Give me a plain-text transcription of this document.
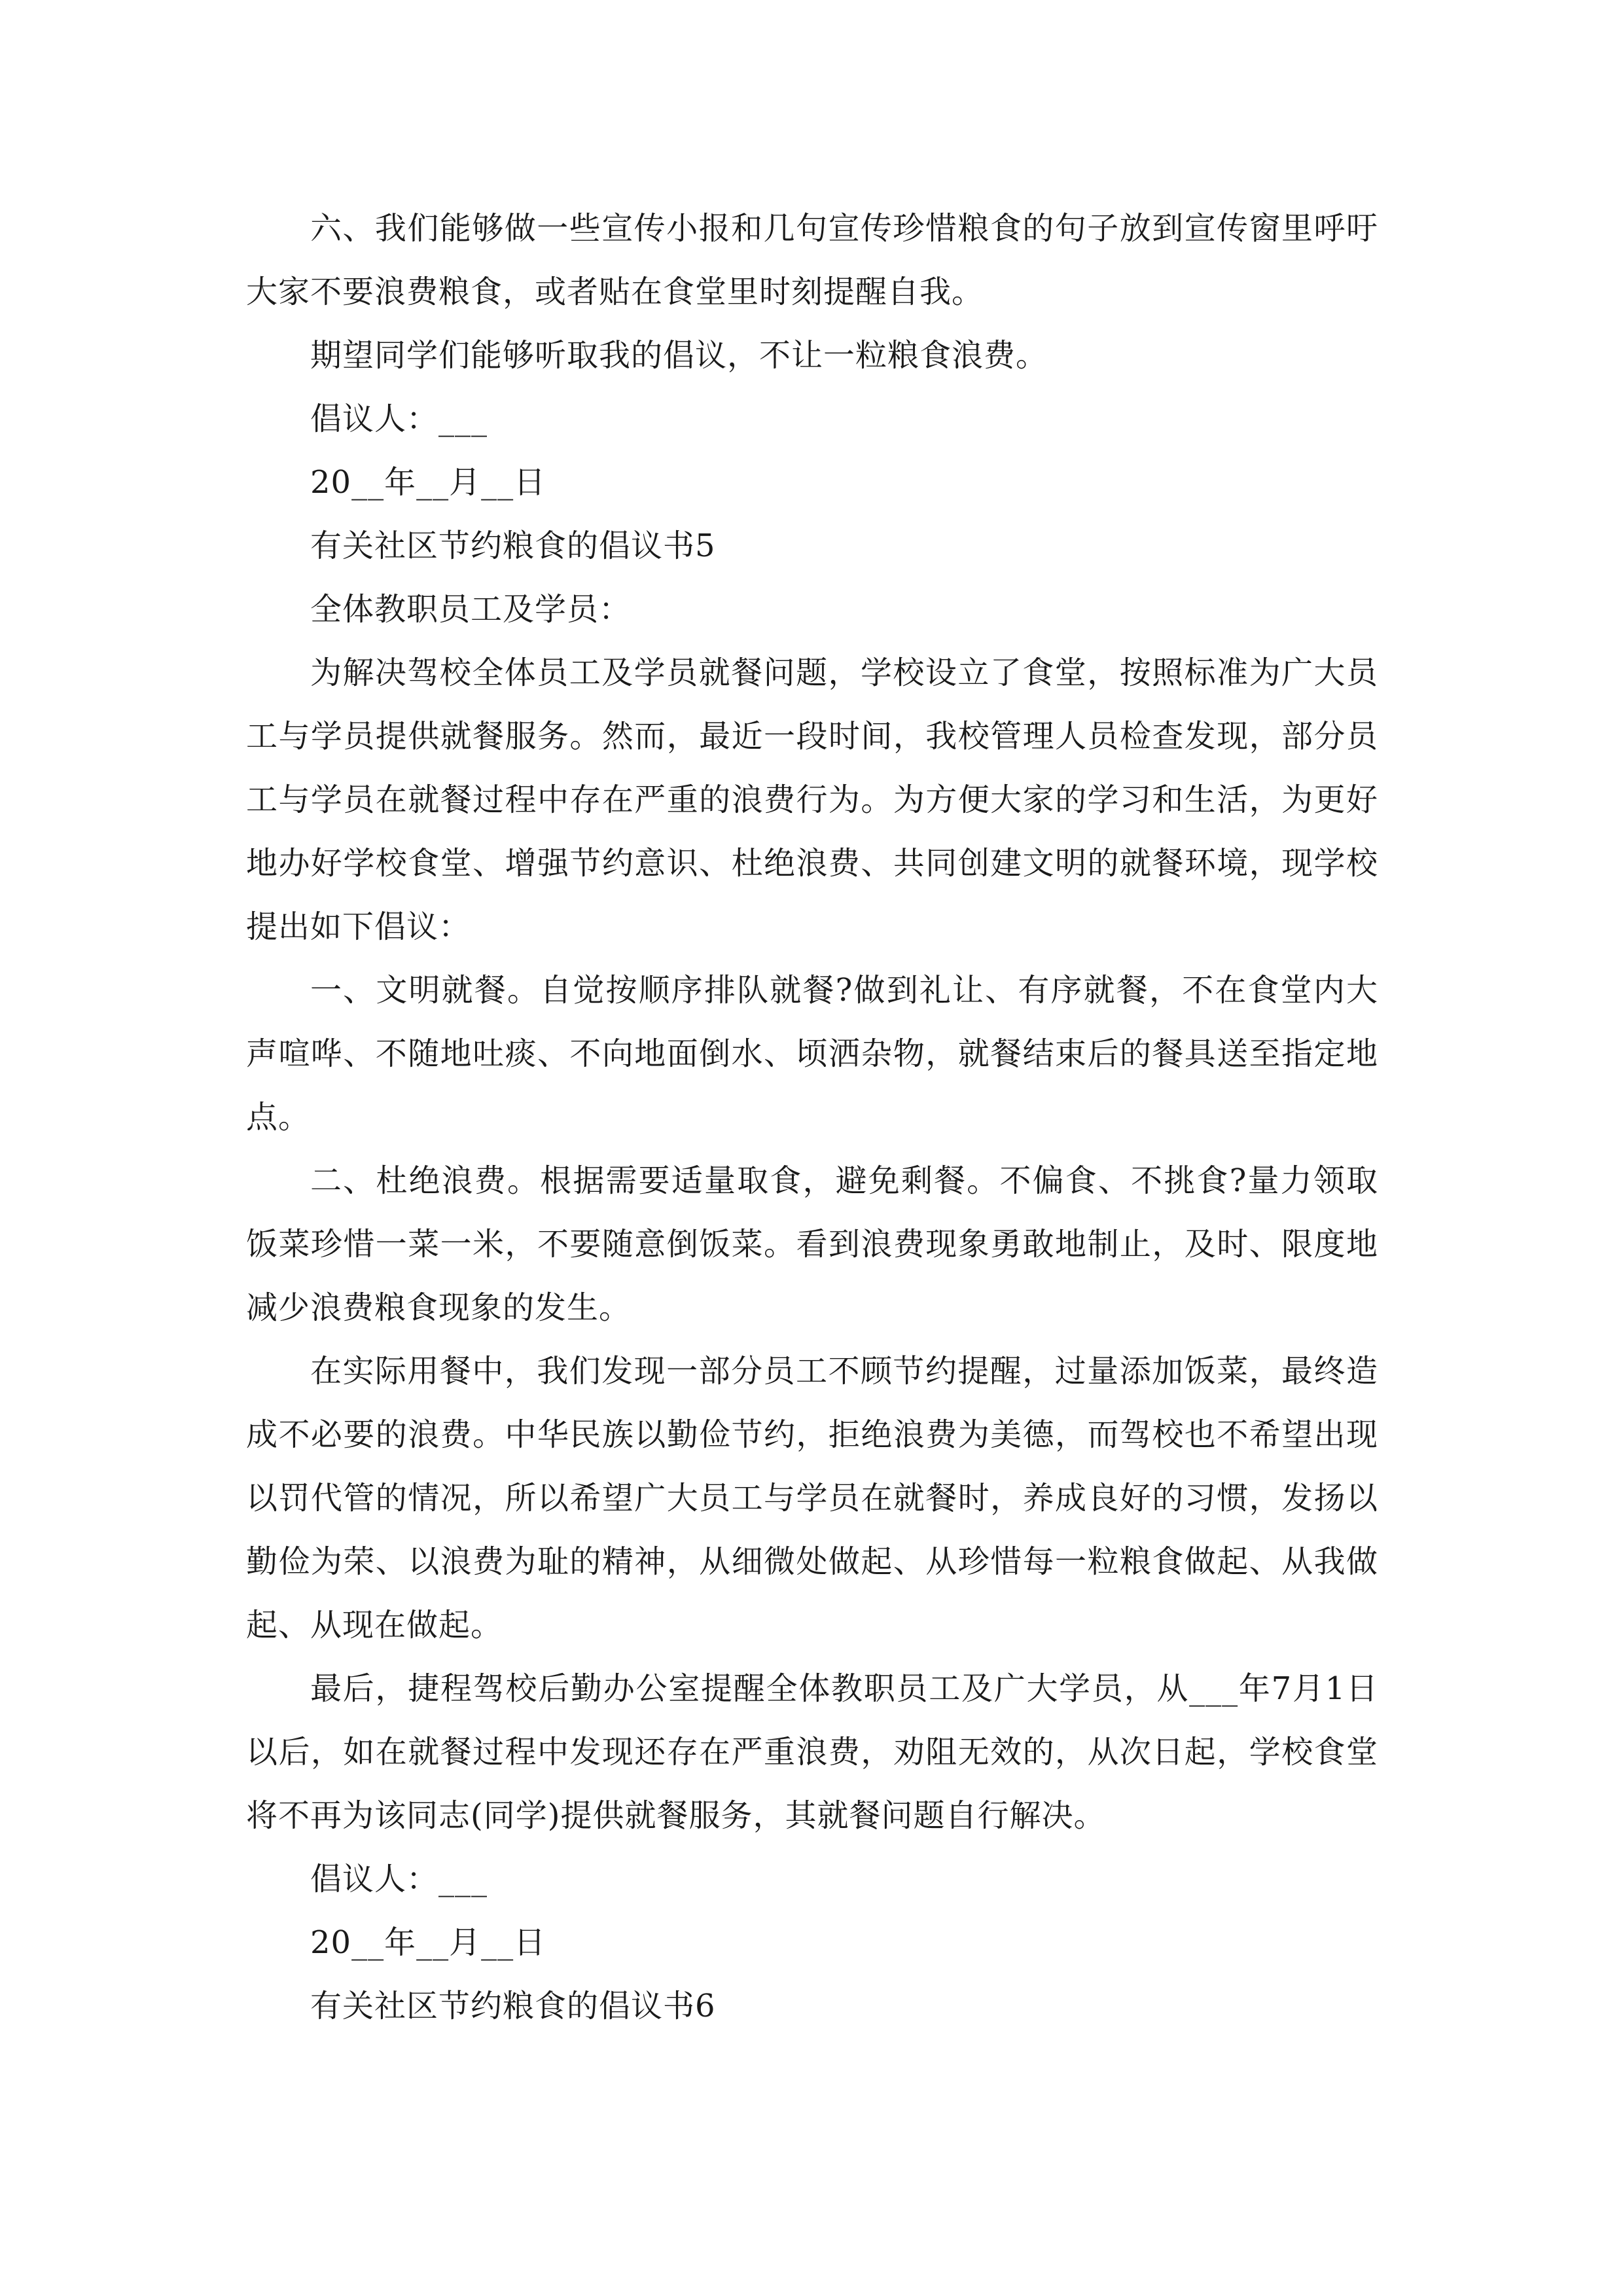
六、我们能够做一些宣传小报和几句宣传珍惜粮食的句子放到宣传窗里呼吁大家不要浪费粮食，或者贴在食堂里时刻提醒自我。

期望同学们能够听取我的倡议，不让一粒粮食浪费。

倡议人：___

20__年__月__日

有关社区节约粮食的倡议书5

全体教职员工及学员：

为解决驾校全体员工及学员就餐问题，学校设立了食堂，按照标准为广大员工与学员提供就餐服务。然而，最近一段时间，我校管理人员检查发现，部分员工与学员在就餐过程中存在严重的浪费行为。为方便大家的学习和生活，为更好地办好学校食堂、增强节约意识、杜绝浪费、共同创建文明的就餐环境，现学校提出如下倡议：

一、文明就餐。自觉按顺序排队就餐?做到礼让、有序就餐，不在食堂内大声喧哗、不随地吐痰、不向地面倒水、顷洒杂物，就餐结束后的餐具送至指定地点。

二、杜绝浪费。根据需要适量取食，避免剩餐。不偏食、不挑食?量力领取饭菜珍惜一菜一米，不要随意倒饭菜。看到浪费现象勇敢地制止，及时、限度地减少浪费粮食现象的发生。

在实际用餐中，我们发现一部分员工不顾节约提醒，过量添加饭菜，最终造成不必要的浪费。中华民族以勤俭节约，拒绝浪费为美德，而驾校也不希望出现以罚代管的情况，所以希望广大员工与学员在就餐时，养成良好的习惯，发扬以勤俭为荣、以浪费为耻的精神，从细微处做起、从珍惜每一粒粮食做起、从我做起、从现在做起。

最后，捷程驾校后勤办公室提醒全体教职员工及广大学员，从___年7月1日以后，如在就餐过程中发现还存在严重浪费，劝阻无效的，从次日起，学校食堂将不再为该同志(同学)提供就餐服务，其就餐问题自行解决。

倡议人：___

20__年__月__日

有关社区节约粮食的倡议书6
